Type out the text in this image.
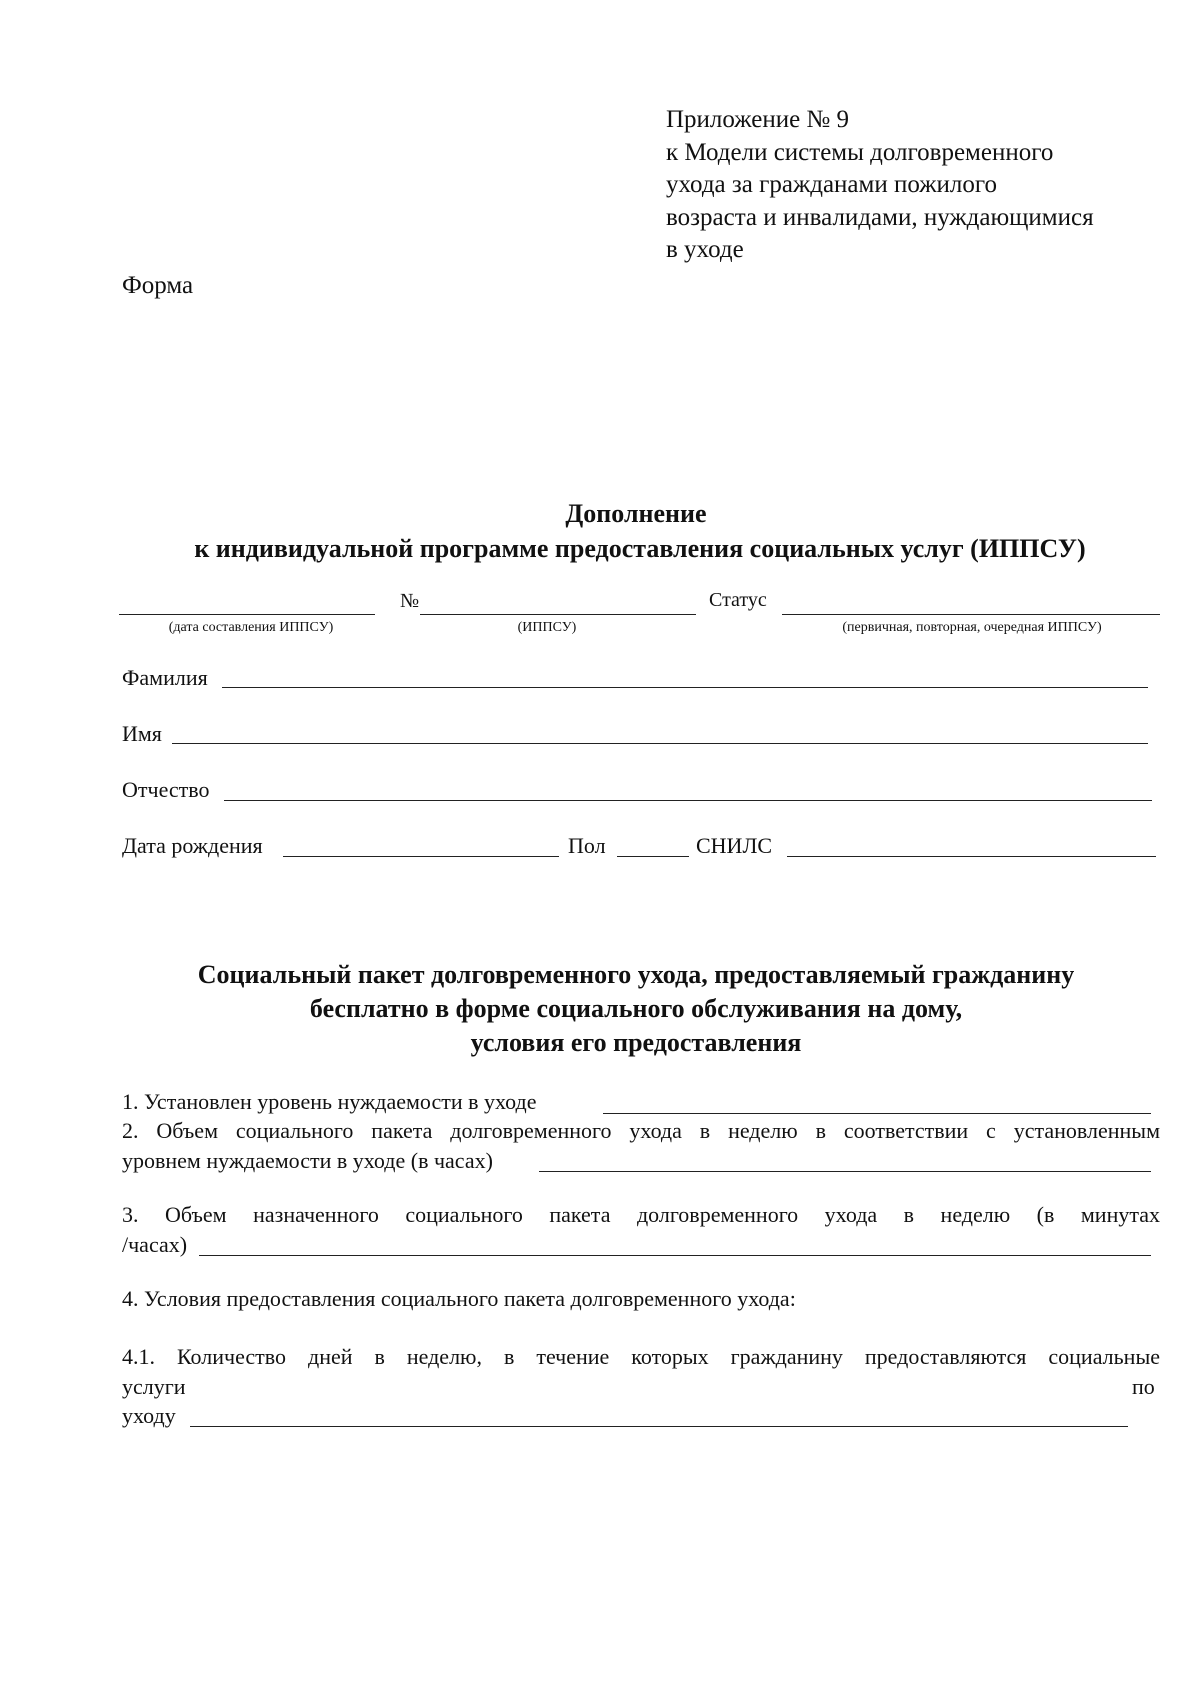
Приложение № 9
к Модели системы долговременного
ухода за гражданами пожилого
возраста и инвалидами, нуждающимися
в уходе
Форма
Дополнение
к индивидуальной программе предоставления социальных услуг (ИППСУ)
№	Статус
(дата составления ИППСУ)	(ИППСУ)	(первичная, повторная, очередная ИППСУ)
Фамилия
Имя
Отчество
Дата рождения	Пол	СНИЛС
Социальный пакет долговременного ухода, предоставляемый гражданину
бесплатно в форме социального обслуживания на дому,
условия его предоставления
1. Установлен уровень нуждаемости в уходе
2. Объем социального пакета долговременного ухода в неделю в соответствии с установленным
уровнем нуждаемости в уходе (в часах)
3. Объем назначенного социального пакета долговременного ухода в неделю (в минутах
/часах)
4. Условия предоставления социального пакета долговременного ухода:
4.1. Количество дней в неделю, в течение которых гражданину предоставляются социальные
услуги	по
уходу
